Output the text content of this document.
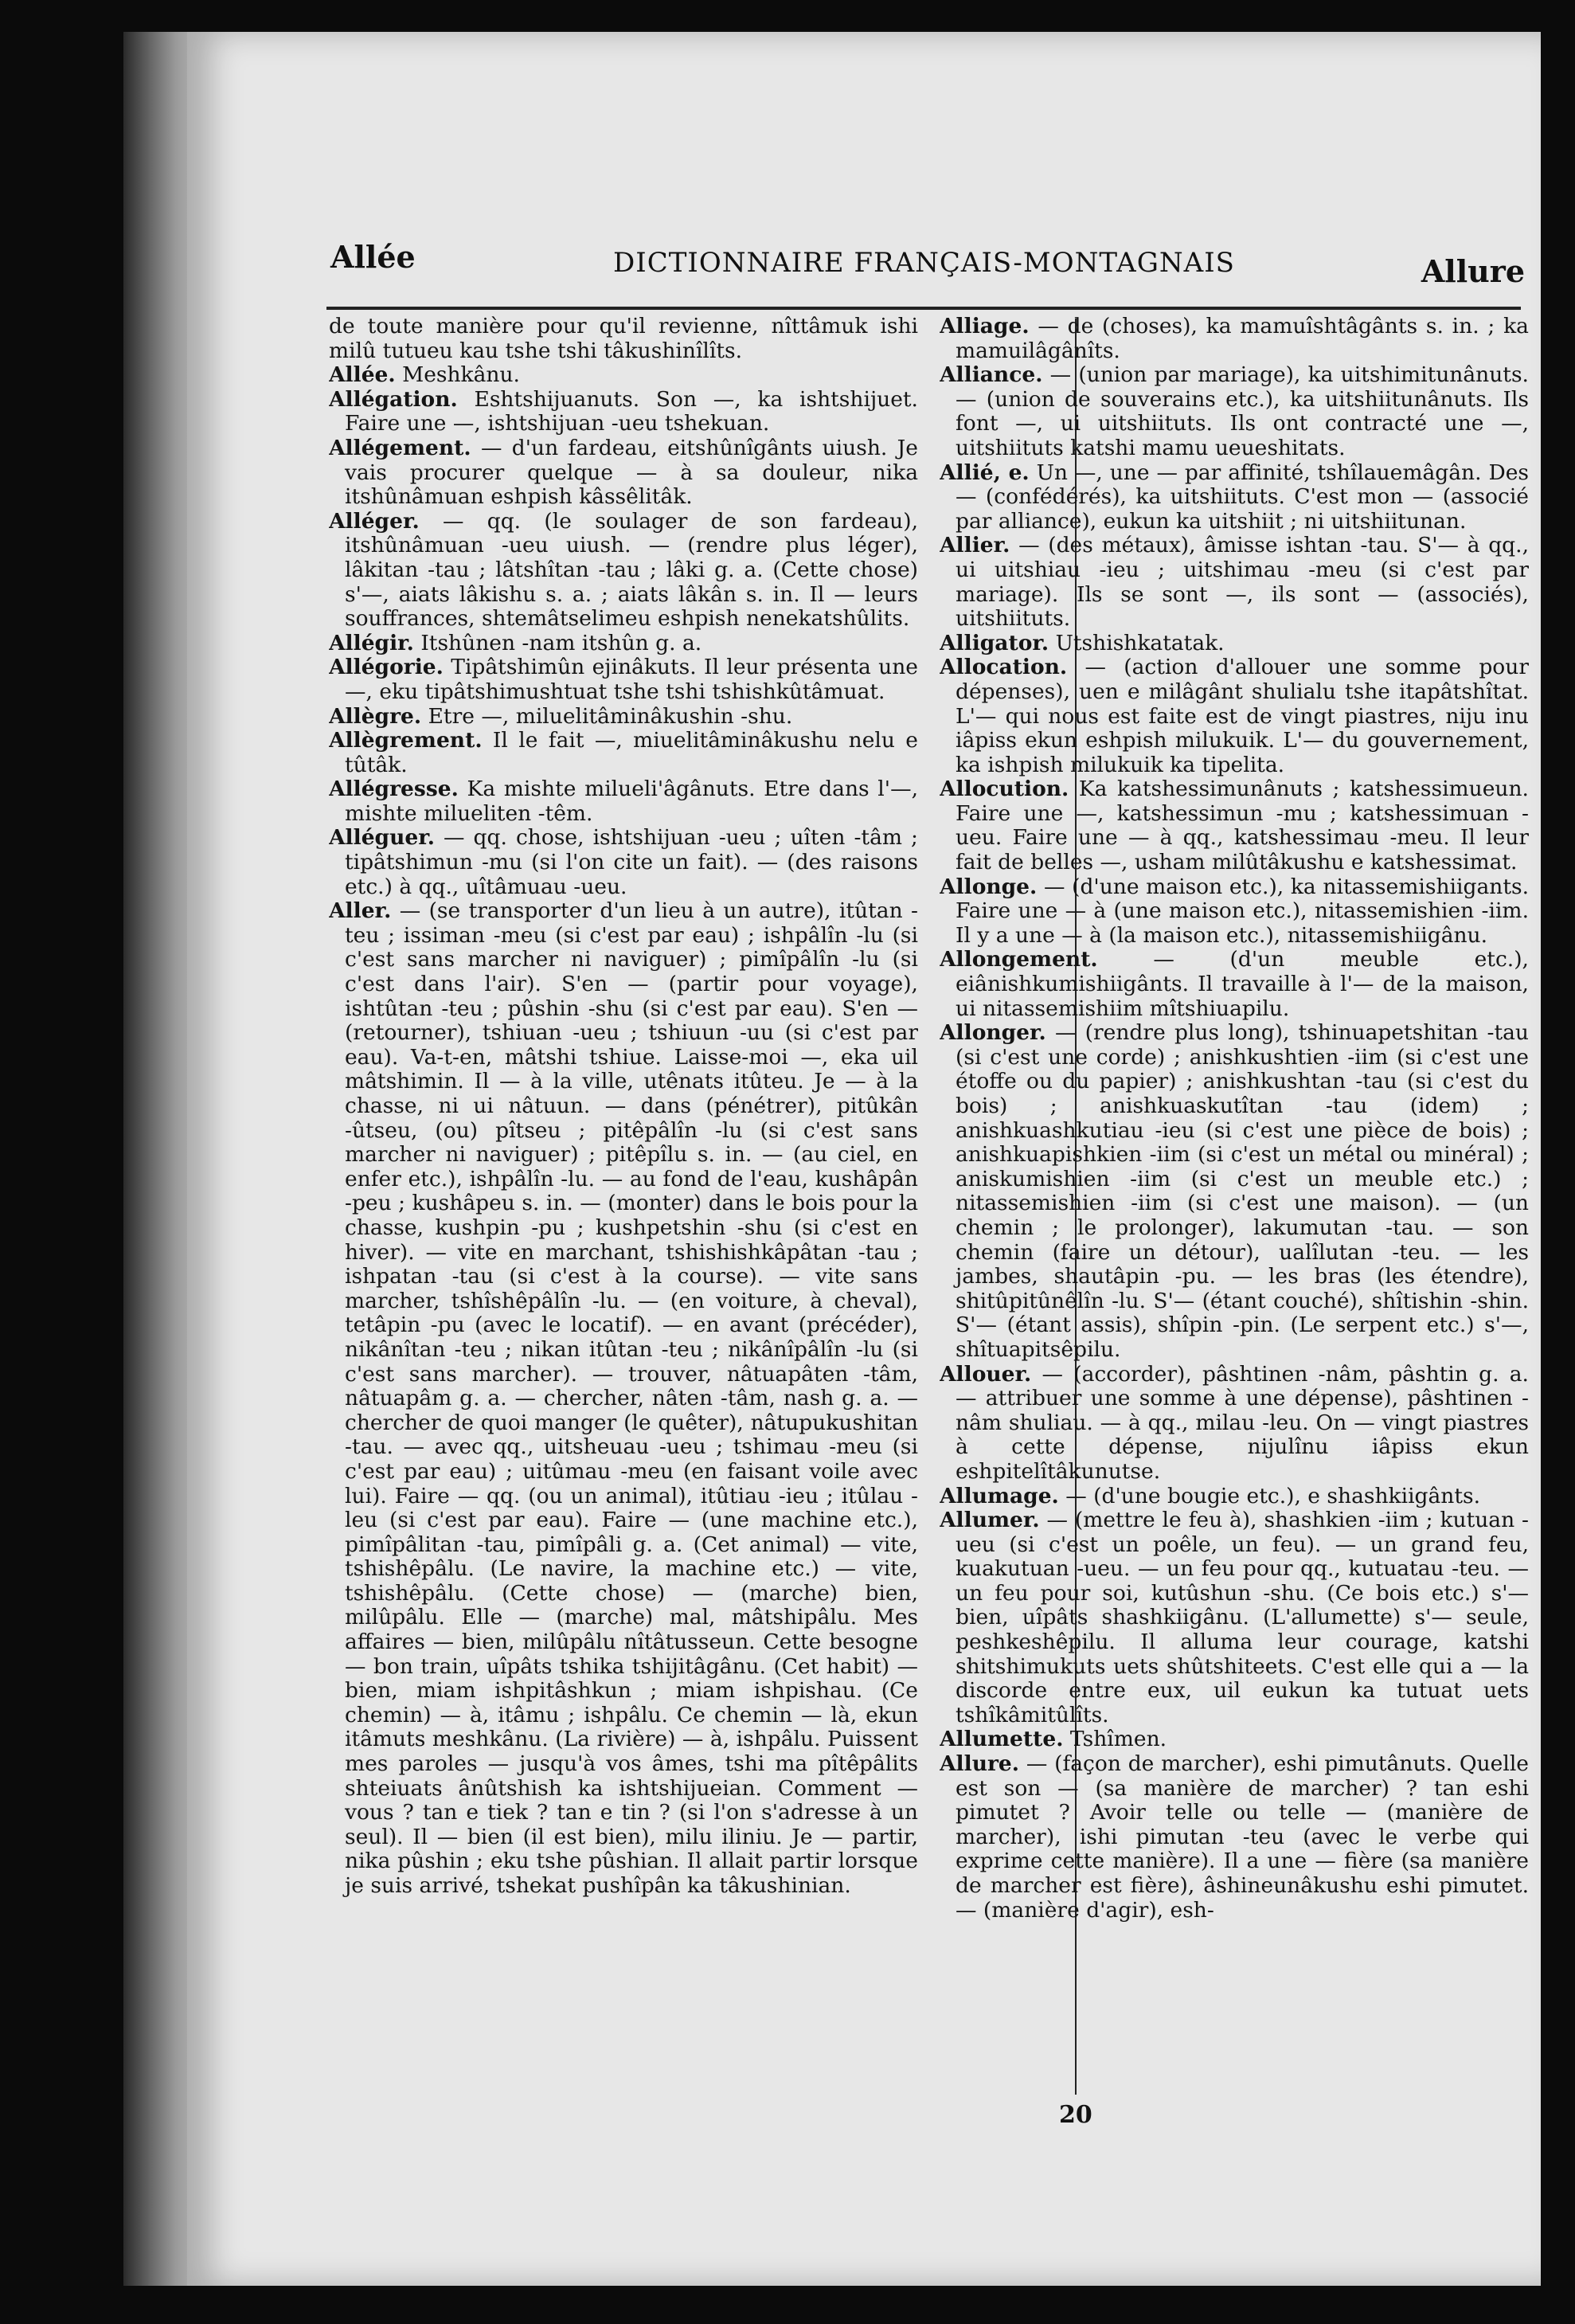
Allée	DICTIONNAIRE FRANÇAIS-MONTAGNAIS	Allure

de toute manière pour qu'il revienne, nîttâmuk ishi milû tutueu kau tshe tshi tâkushinîlîts.

Allée. Meshkânu.

Allégation. Eshtshijuanuts. Son —, ka ishtshijuet. Faire une —, ishtshijuan -ueu tshekuan.

Allégement. — d'un fardeau, eitshûnîgânts uiush. Je vais procurer quelque — à sa douleur, nika itshûnâmuan eshpish kâssêlitâk.

Alléger. — qq. (le soulager de son fardeau), itshûnâmuan -ueu uiush. — (rendre plus léger), lâkitan -tau ; lâtshîtan -tau ; lâki g. a. (Cette chose) s'—, aiats lâkishu s. a. ; aiats lâkân s. in. Il — leurs souffrances, shtemâtselimeu eshpish nenekatshûlits.

Allégir. Itshûnen -nam itshûn g. a.

Allégorie. Tipâtshimûn ejinâkuts. Il leur présenta une —, eku tipâtshimushtuat tshe tshi tshishkûtâmuat.

Allègre. Etre —, miluelitâminâkushin -shu.

Allègrement. Il le fait —, miuelitâminâkushu nelu e tûtâk.

Allégresse. Ka mishte milueli'âgânuts. Etre dans l'—, mishte milueliten -têm.

Alléguer. — qq. chose, ishtshijuan -ueu ; uîten -tâm ; tipâtshimun -mu (si l'on cite un fait). — (des raisons etc.) à qq., uîtâmuau -ueu.

Aller. — (se transporter d'un lieu à un autre), itûtan -teu ; issiman -meu (si c'est par eau) ; ishpâlîn -lu (si c'est sans marcher ni naviguer) ; pimîpâlîn -lu (si c'est dans l'air). S'en — (partir pour voyage), ishtûtan -teu ; pûshin -shu (si c'est par eau). S'en — (retourner), tshiuan -ueu ; tshiuun -uu (si c'est par eau). Va-t-en, mâtshi tshiue. Laisse-moi —, eka uil mâtshimin. Il — à la ville, utênats itûteu. Je — à la chasse, ni ui nâtuun. — dans (pénétrer), pitûkân -ûtseu, (ou) pîtseu ; pitêpâlîn -lu (si c'est sans marcher ni naviguer) ; pitêpîlu s. in. — (au ciel, en enfer etc.), ishpâlîn -lu. — au fond de l'eau, kushâpân -peu ; kushâpeu s. in. — (monter) dans le bois pour la chasse, kushpin -pu ; kushpetshin -shu (si c'est en hiver). — vite en marchant, tshishishkâpâtan -tau ; ishpatan -tau (si c'est à la course). — vite sans marcher, tshîshêpâlîn -lu. — (en voiture, à cheval), tetâpin -pu (avec le locatif). — en avant (précéder), nikânîtan -teu ; nikan itûtan -teu ; nikânîpâlîn -lu (si c'est sans marcher). — trouver, nâtuapâten -tâm, nâtuapâm g. a. — chercher, nâten -tâm, nash g. a. — chercher de quoi manger (le quêter), nâtupukushitan -tau. — avec qq., uitsheuau -ueu ; tshimau -meu (si c'est par eau) ; uitûmau -meu (en faisant voile avec lui). Faire — qq. (ou un animal), itûtiau -ieu ; itûlau -leu (si c'est par eau). Faire — (une machine etc.), pimîpâlitan -tau, pimîpâli g. a. (Cet animal) — vite, tshishêpâlu. (Le navire, la machine etc.) — vite, tshishêpâlu. (Cette chose) — (marche) bien, milûpâlu. Elle — (marche) mal, mâtshipâlu. Mes affaires — bien, milûpâlu nîtâtusseun. Cette besogne — bon train, uîpâts tshika tshijitâgânu. (Cet habit) — bien, miam ishpitâshkun ; miam ishpishau. (Ce chemin) — à, itâmu ; ishpâlu. Ce chemin — là, ekun itâmuts meshkânu. (La rivière) — à, ishpâlu. Puissent mes paroles — jusqu'à vos âmes, tshi ma pîtêpâlits shteiuats ânûtshish ka ishtshijueian. Comment — vous ? tan e tiek ? tan e tin ? (si l'on s'adresse à un seul). Il — bien (il est bien), milu iliniu. Je — partir, nika pûshin ; eku tshe pûshian. Il allait partir lorsque je suis arrivé, tshekat pushîpân ka tâkushinian.

Alliage. — de (choses), ka mamuîshtâgânts s. in. ; ka mamuilâgânîts.

Alliance. — (union par mariage), ka uitshimitunânuts. — (union de souverains etc.), ka uitshiitunânuts. Ils font —, ui uitshiituts. Ils ont contracté une —, uitshiituts katshi mamu ueueshitats.

Allié, e. Un —, une — par affinité, tshîlauemâgân. Des — (confédérés), ka uitshiituts. C'est mon — (associé par alliance), eukun ka uitshiit ; ni uitshiitunan.

Allier. — (des métaux), âmisse ishtan -tau. S'— à qq., ui uitshiau -ieu ; uitshimau -meu (si c'est par mariage). Ils se sont —, ils sont — (associés), uitshiituts.

Alligator. Utshishkatatak.

Allocation. — (action d'allouer une somme pour dépenses), uen e milâgânt shulialu tshe itapâtshîtat. L'— qui nous est faite est de vingt piastres, niju inu iâpiss ekun eshpish milukuik. L'— du gouvernement, ka ishpish milukuik ka tipelita.

Allocution. Ka katshessimunânuts ; katshessimueun. Faire une —, katshessimun -mu ; katshessimuan -ueu. Faire une — à qq., katshessimau -meu. Il leur fait de belles —, usham milûtâkushu e katshessimat.

Allonge. — (d'une maison etc.), ka nitassemishiigants. Faire une — à (une maison etc.), nitassemishien -iim. Il y a une — à (la maison etc.), nitassemishiigânu.

Allongement.	— (d'un meuble etc.), eiânishkumishiigânts. Il travaille à l'— de la maison, ui nitassemishiim mîtshiuapilu.

Allonger. — (rendre plus long), tshinuapetshitan -tau (si c'est une corde) ; anishkushtien -iim (si c'est une étoffe ou du papier) ; anishkushtan -tau (si c'est du bois) ; anishkuaskutîtan -tau (idem) ; anishkuashkutiau -ieu (si c'est une pièce de bois) ; anishkuapishkien -iim (si c'est un métal ou minéral) ; aniskumishien -iim (si c'est un meuble etc.) ; nitassemishien -iim (si c'est une maison). — (un chemin ; le prolonger), lakumutan -tau. — son chemin (faire un détour), ualîlutan -teu. — les jambes, shautâpin -pu. — les bras (les étendre), shitûpitûnêlîn -lu. S'— (étant couché), shîtishin -shin. S'— (étant assis), shîpin -pin. (Le serpent etc.) s'—, shîtuapitsêpilu.

Allouer. — (accorder), pâshtinen -nâm, pâshtin g. a. — attribuer une somme à une dépense), pâshtinen -nâm shuliau. — à qq., milau -leu. On — vingt piastres à cette dépense, nijulînu iâpiss ekun eshpitelîtâkunutse.

Allumage. — (d'une bougie etc.), e shashkiigânts.

Allumer. — (mettre le feu à), shashkien -iim ; kutuan -ueu (si c'est un poêle, un feu). — un grand feu, kuakutuan -ueu. — un feu pour qq., kutuatau -teu. — un feu pour soi, kutûshun -shu. (Ce bois etc.) s'— bien, uîpâts shashkiigânu. (L'allumette) s'— seule, peshkeshêpilu. Il alluma leur courage, katshi shitshimukuts uets shûtshiteets. C'est elle qui a — la discorde entre eux, uil eukun ka tutuat uets tshîkâmitûlîts.

Allumette. Tshîmen.

Allure. — (façon de marcher), eshi pimutânuts. Quelle est son — (sa manière de marcher) ? tan eshi pimutet ? Avoir telle ou telle — (manière de marcher), ishi pimutan -teu (avec le verbe qui exprime cette manière). Il a une — fière (sa manière de marcher est fière), âshineunâkushu eshi pimutet. — (manière d'agir), esh-

20
